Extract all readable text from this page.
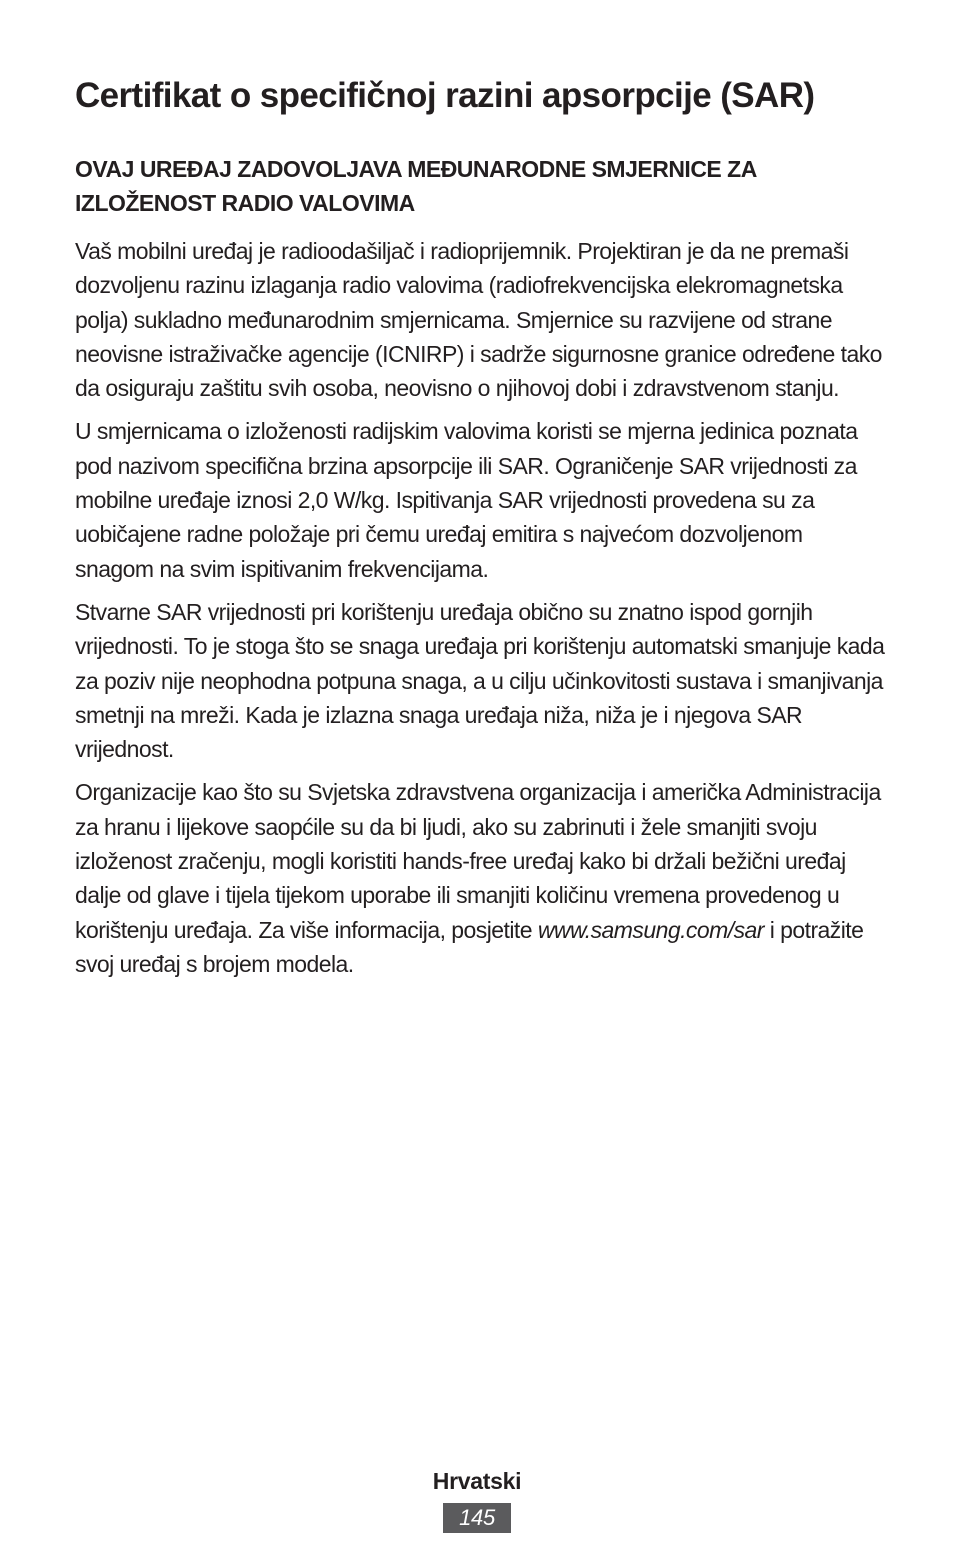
Certifikat o specifičnoj razini apsorpcije (SAR)
OVAJ UREĐAJ ZADOVOLJAVA MEĐUNARODNE SMJERNICE ZA
IZLOŽENOST RADIO VALOVIMA

Vaš mobilni uređaj je radioodašiljač i radioprijemnik. Projektiran je da ne premaši dozvoljenu razinu izlaganja radio valovima (radiofrekvencijska elekromagnetska polja) sukladno međunarodnim smjernicama. Smjernice su razvijene od strane neovisne istraživačke agencije (ICNIRP) i sadrže sigurnosne granice određene tako da osiguraju zaštitu svih osoba, neovisno o njihovoj dobi i zdravstvenom stanju.

U smjernicama o izloženosti radijskim valovima koristi se mjerna jedinica poznata pod nazivom specifična brzina apsorpcije ili SAR. Ograničenje SAR vrijednosti za mobilne uređaje iznosi 2,0 W/kg. Ispitivanja SAR vrijednosti provedena su za uobičajene radne položaje pri čemu uređaj emitira s najvećom dozvoljenom snagom na svim ispitivanim frekvencijama.

Stvarne SAR vrijednosti pri korištenju uređaja obično su znatno ispod gornjih vrijednosti. To je stoga što se snaga uređaja pri korištenju automatski smanjuje kada za poziv nije neophodna potpuna snaga, a u cilju učinkovitosti sustava i smanjivanja smetnji na mreži. Kada je izlazna snaga uređaja niža, niža je i njegova SAR vrijednost.

Organizacije kao što su Svjetska zdravstvena organizacija i američka Administracija za hranu i lijekove saopćile su da bi ljudi, ako su zabrinuti i žele smanjiti svoju izloženost zračenju, mogli koristiti hands-free uređaj kako bi držali bežični uređaj dalje od glave i tijela tijekom uporabe ili smanjiti količinu vremena provedenog u korištenju uređaja. Za više informacija, posjetite www.samsung.com/sar i potražite svoj uređaj s brojem modela.

Hrvatski
145
